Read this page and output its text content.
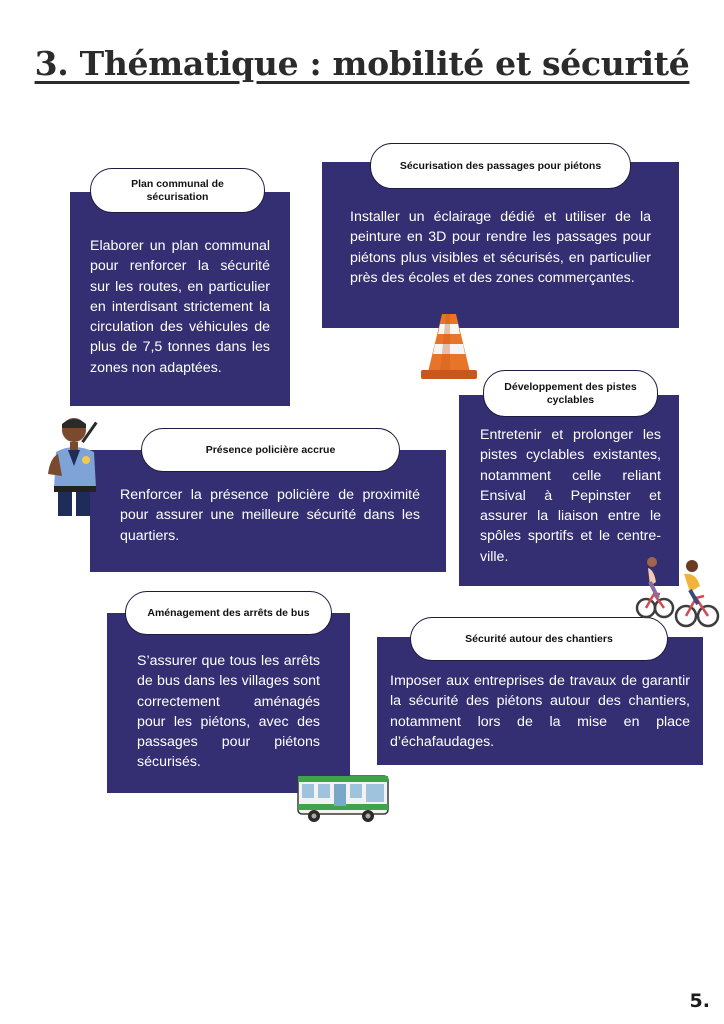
3. Thématique : mobilité et sécurité

Elaborer un plan communal pour renforcer la sécurité sur les routes, en particulier en interdisant strictement la circulation des véhicules de plus de 7,5 tonnes dans les zones non adaptées.

Plan communal de sécurisation

Installer un éclairage dédié et utiliser de la peinture en 3D pour rendre les passages pour piétons plus visibles et sécurisés, en particulier près des écoles et des zones commerçantes.

Sécurisation des passages pour piétons

Entretenir et prolonger les pistes cyclables existantes, notamment celle reliant Ensival à Pepinster et assurer la liaison entre le spôles sportifs et le centre-ville.

Développement des pistes cyclables

Renforcer la présence policière de proximité pour assurer une meilleure sécurité dans les quartiers.

Présence policière accrue

S’assurer que tous les arrêts de bus dans les villages sont correctement aménagés pour les piétons, avec des passages pour piétons sécurisés.

Aménagement des arrêts de bus

Imposer aux entreprises de travaux de garantir la sécurité des piétons autour des chantiers, notamment lors de la mise en place d’échafaudages.

Sécurité autour des chantiers
5.
